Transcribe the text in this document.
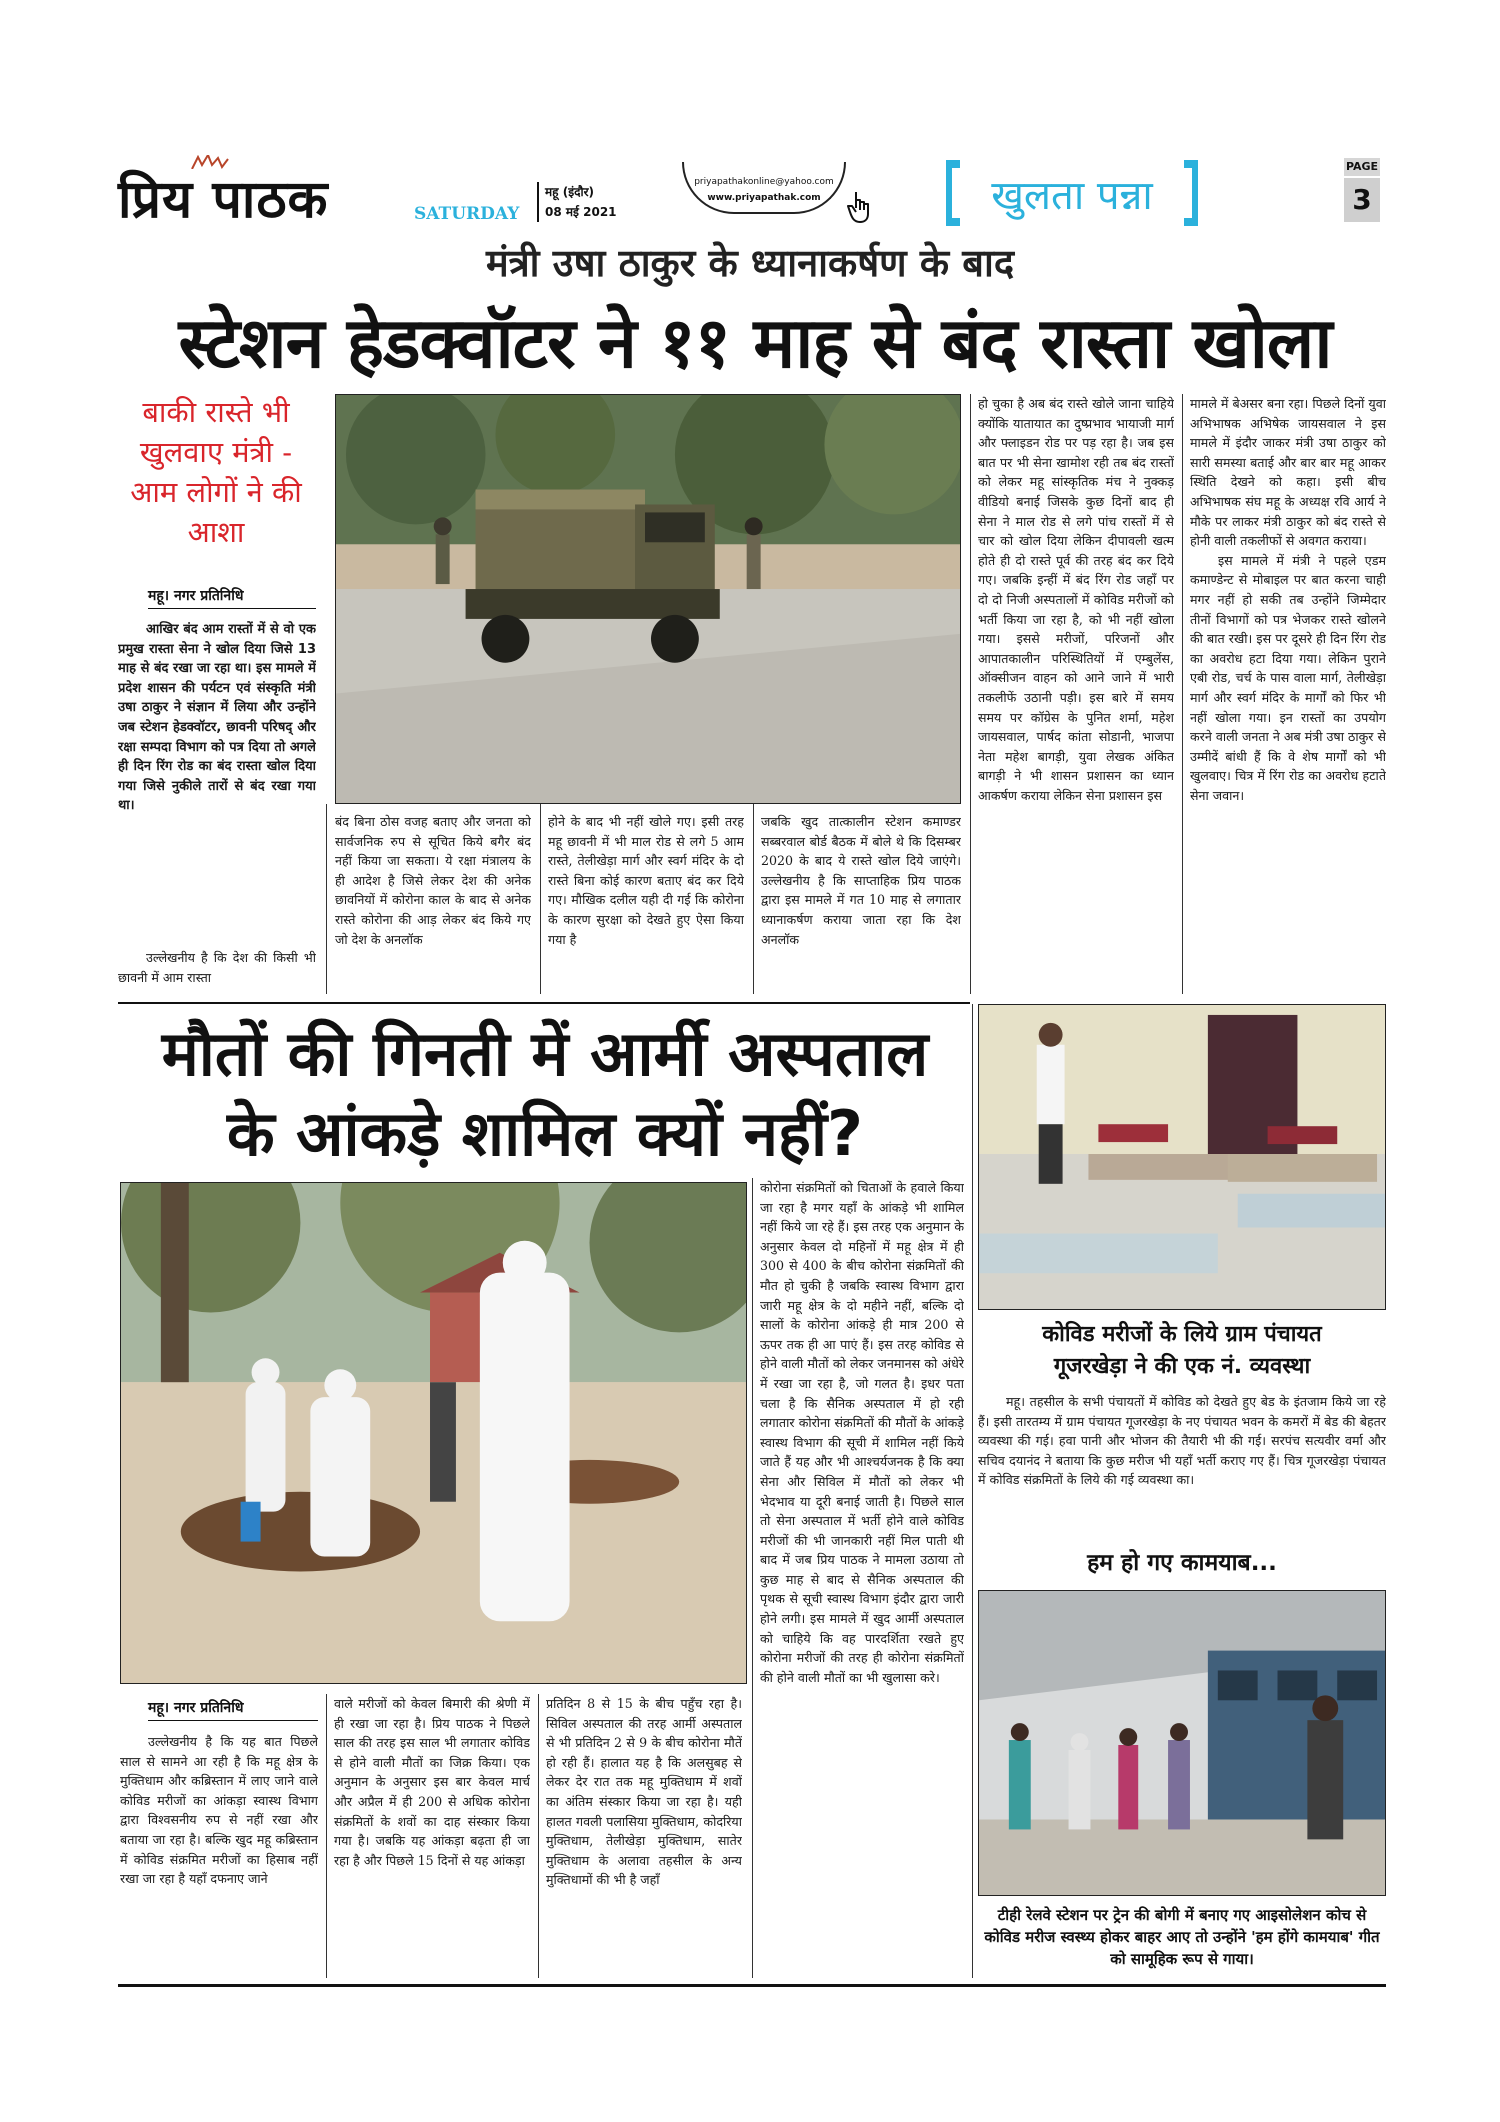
प्रिय पाठक	SATURDAY
महू (इंदौर)
08 मई 2021
priyapathakonline@yahoo.com
www.priyapathak.com	खुलता पन्ना
PAGE
3
मंत्री उषा ठाकुर के ध्यानाकर्षण के बाद
स्टेशन हेडक्वॉटर ने ११ माह से बंद रास्ता खोला
बाकी रास्ते भी खुलवाए मंत्री - आम लोगों ने की आशा
महू। नगर प्रतिनिधि

आखिर बंद आम रास्तों में से वो एक प्रमुख रास्ता सेना ने खोल दिया जिसे 13 माह से बंद रखा जा रहा था। इस मामले में प्रदेश शासन की पर्यटन एवं संस्कृति मंत्री उषा ठाकुर ने संज्ञान में लिया और उन्होंने जब स्टेशन हेडक्वॉटर, छावनी परिषद् और रक्षा सम्पदा विभाग को पत्र दिया तो अगले ही दिन रिंग रोड का बंद रास्ता खोल दिया गया जिसे नुकीले तारों से बंद रखा गया था।

उल्लेखनीय है कि देश की किसी भी छावनी में आम रास्ता

बंद बिना ठोस वजह बताए और जनता को सार्वजनिक रुप से सूचित किये बगैर बंद नहीं किया जा सकता। ये रक्षा मंत्रालय के ही आदेश है जिसे लेकर देश की अनेक छावनियों में कोरोना काल के बाद से अनेक रास्ते कोरोना की आड़ लेकर बंद किये गए जो देश के अनलॉक

होने के बाद भी नहीं खोले गए। इसी तरह महू छावनी में भी माल रोड से लगे 5 आम रास्ते, तेलीखेड़ा मार्ग और स्वर्ग मंदिर के दो रास्ते बिना कोई कारण बताए बंद कर दिये गए। मौखिक दलील यही दी गई कि कोरोना के कारण सुरक्षा को देखते हुए ऐसा किया गया है

जबकि खुद तात्कालीन स्टेशन कमाण्डर सब्बरवाल बोर्ड बैठक में बोले थे कि दिसम्बर 2020 के बाद ये रास्ते खोल दिये जाएंगे। उल्लेखनीय है कि साप्ताहिक प्रिय पाठक द्वारा इस मामले में गत 10 माह से लगातार ध्यानाकर्षण कराया जाता रहा कि देश अनलॉक

हो चुका है अब बंद रास्ते खोले जाना चाहिये क्योंकि यातायात का दुष्प्रभाव भायाजी मार्ग और फ्लाइडन रोड पर पड़ रहा है। जब इस बात पर भी सेना खामोश रही तब बंद रास्तों को लेकर महू सांस्कृतिक मंच ने नुक्कड़ वीडियो बनाई जिसके कुछ दिनों बाद ही सेना ने माल रोड से लगे पांच रास्तों में से चार को खोल दिया लेकिन दीपावली खत्म होते ही दो रास्ते पूर्व की तरह बंद कर दिये गए। जबकि इन्हीं में बंद रिंग रोड जहाँ पर दो दो निजी अस्पतालों में कोविड मरीजों को भर्ती किया जा रहा है, को भी नहीं खोला गया। इससे मरीजों, परिजनों और आपातकालीन परिस्थितियों में एम्बुलेंस, ऑक्सीजन वाहन को आने जाने में भारी तकलीफें उठानी पड़ी। इस बारे में समय समय पर कॉग्रेस के पुनित शर्मा, महेश जायसवाल, पार्षद कांता सोडानी, भाजपा नेता महेश बागड़ी, युवा लेखक अंकित बागड़ी ने भी शासन प्रशासन का ध्यान आकर्षण कराया लेकिन सेना प्रशासन इस

मामले में बेअसर बना रहा। पिछले दिनों युवा अभिभाषक अभिषेक जायसवाल ने इस मामले में इंदौर जाकर मंत्री उषा ठाकुर को सारी समस्या बताई और बार बार महू आकर स्थिति देखने को कहा। इसी बीच अभिभाषक संघ महू के अध्यक्ष रवि आर्य ने मौके पर लाकर मंत्री ठाकुर को बंद रास्ते से होनी वाली तकलीफों से अवगत कराया।

इस मामले में मंत्री ने पहले एडम कमाण्डेन्ट से मोबाइल पर बात करना चाही मगर नहीं हो सकी तब उन्होंने जिम्मेदार तीनों विभागों को पत्र भेजकर रास्ते खोलने की बात रखी। इस पर दूसरे ही दिन रिंग रोड का अवरोध हटा दिया गया। लेकिन पुराने एबी रोड, चर्च के पास वाला मार्ग, तेलीखेड़ा मार्ग और स्वर्ग मंदिर के मार्गों को फिर भी नहीं खोला गया। इन रास्तों का उपयोग करने वाली जनता ने अब मंत्री उषा ठाकुर से उम्मीदें बांधी हैं कि वे शेष मार्गों को भी खुलवाए। चित्र में रिंग रोड का अवरोध हटाते सेना जवान।

मौतों की गिनती में आर्मी अस्पताल
के आंकड़े शामिल क्यों नहीं?
महू। नगर प्रतिनिधि

उल्लेखनीय है कि यह बात पिछले साल से सामने आ रही है कि महू क्षेत्र के मुक्तिधाम और कब्रिस्तान में लाए जाने वाले कोविड मरीजों का आंकड़ा स्वास्थ विभाग द्वारा विश्वसनीय रुप से नहीं रखा और बताया जा रहा है। बल्कि खुद महू कब्रिस्तान में कोविड संक्रमित मरीजों का हिसाब नहीं रखा जा रहा है यहाँ दफनाए जाने

वाले मरीजों को केवल बिमारी की श्रेणी में ही रखा जा रहा है। प्रिय पाठक ने पिछले साल की तरह इस साल भी लगातार कोविड से होने वाली मौतों का जिक्र किया। एक अनुमान के अनुसार इस बार केवल मार्च और अप्रैल में ही 200 से अधिक कोरोना संक्रमितों के शवों का दाह संस्कार किया गया है। जबकि यह आंकड़ा बढ़ता ही जा रहा है और पिछले 15 दिनों से यह आंकड़ा

प्रतिदिन 8 से 15 के बीच पहुँच रहा है। सिविल अस्पताल की तरह आर्मी अस्पताल से भी प्रतिदिन 2 से 9 के बीच कोरोना मौतें हो रही हैं। हालात यह है कि अलसुबह से लेकर देर रात तक महू मुक्तिधाम में शवों का अंतिम संस्कार किया जा रहा है। यही हालत गवली पलासिया मुक्तिधाम, कोदरिया मुक्तिधाम, तेलीखेड़ा मुक्तिधाम, सातेर मुक्तिधाम के अलावा तहसील के अन्य मुक्तिधामों की भी है जहाँ

कोरोना संक्रमितों को चिताओं के हवाले किया जा रहा है मगर यहाँ के आंकड़े भी शामिल नहीं किये जा रहे हैं। इस तरह एक अनुमान के अनुसार केवल दो महिनों में महू क्षेत्र में ही 300 से 400 के बीच कोरोना संक्रमितों की मौत हो चुकी है जबकि स्वास्थ विभाग द्वारा जारी महू क्षेत्र के दो महीने नहीं, बल्कि दो सालों के कोरोना आंकड़े ही मात्र 200 से ऊपर तक ही आ पाएं हैं। इस तरह कोविड से होने वाली मौतों को लेकर जनमानस को अंधेरे में रखा जा रहा है, जो गलत है। इधर पता चला है कि सैनिक अस्पताल में हो रही लगातार कोरोना संक्रमितों की मौतों के आंकड़े स्वास्थ विभाग की सूची में शामिल नहीं किये जाते हैं यह और भी आश्चर्यजनक है कि क्या सेना और सिविल में मौतों को लेकर भी भेदभाव या दूरी बनाई जाती है। पिछले साल तो सेना अस्पताल में भर्ती होने वाले कोविड मरीजों की भी जानकारी नहीं मिल पाती थी बाद में जब प्रिय पाठक ने मामला उठाया तो कुछ माह से बाद से सैनिक अस्पताल की पृथक से सूची स्वास्थ विभाग इंदौर द्वारा जारी होने लगी। इस मामले में खुद आर्मी अस्पताल को चाहिये कि वह पारदर्शिता रखते हुए कोरोना मरीजों की तरह ही कोरोना संक्रमितों की होने वाली मौतों का भी खुलासा करे।

कोविड मरीजों के लिये ग्राम पंचायत
गूजरखेड़ा ने की एक नं. व्यवस्था

महू। तहसील के सभी पंचायतों में कोविड को देखते हुए बेड के इंतजाम किये जा रहे हैं। इसी तारतम्य में ग्राम पंचायत गूजरखेड़ा के नए पंचायत भवन के कमरों में बेड की बेहतर व्यवस्था की गई। हवा पानी और भोजन की तैयारी भी की गई। सरपंच सत्यवीर वर्मा और सचिव दयानंद ने बताया कि कुछ मरीज भी यहाँ भर्ती कराए गए हैं। चित्र गूजरखेड़ा पंचायत में कोविड संक्रमितों के लिये की गई व्यवस्था का।

हम हो गए कामयाब...
टीही रेलवे स्टेशन पर ट्रेन की बोगी में बनाए गए आइसोलेशन कोच से कोविड मरीज स्वस्थ्य होकर बाहर आए तो उन्होंने 'हम होंगे कामयाब' गीत को सामूहिक रूप से गाया।
